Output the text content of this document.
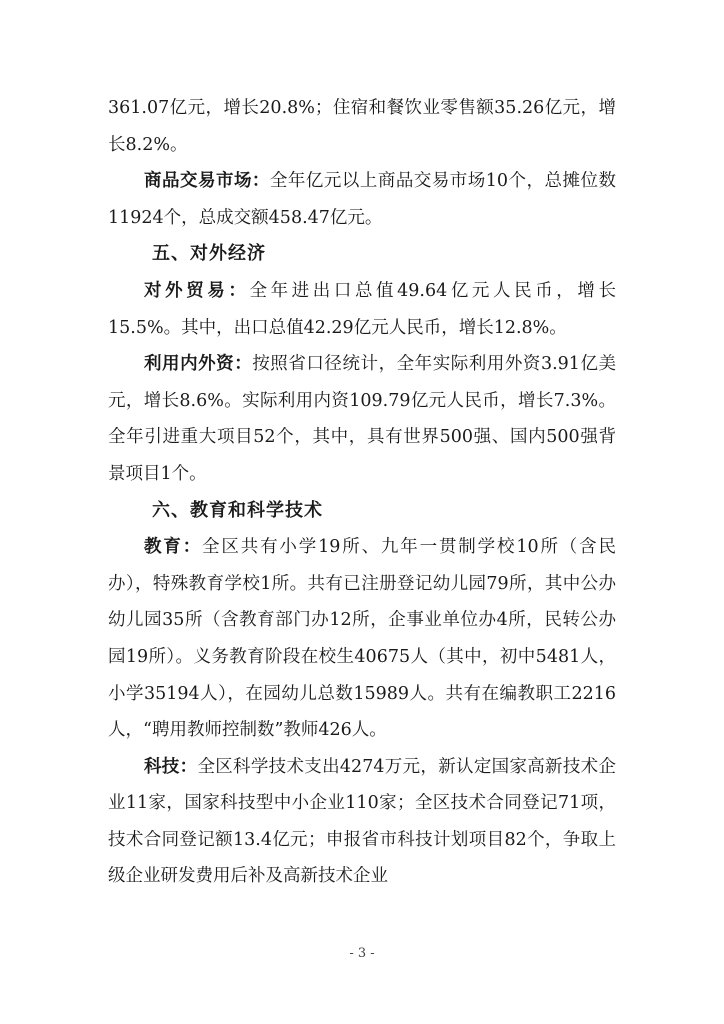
361.07亿元，增长20.8%；住宿和餐饮业零售额35.26亿元，增长8.2%。

商品交易市场：全年亿元以上商品交易市场10个，总摊位数11924个，总成交额458.47亿元。

五、对外经济

对外贸易：全年进出口总值49.64亿元人民币，增长15.5%。其中，出口总值42.29亿元人民币，增长12.8%。

利用内外资：按照省口径统计，全年实际利用外资3.91亿美元，增长8.6%。实际利用内资109.79亿元人民币，增长7.3%。全年引进重大项目52个，其中，具有世界500强、国内500强背景项目1个。

六、教育和科学技术

教育：全区共有小学19所、九年一贯制学校10所（含民办），特殊教育学校1所。共有已注册登记幼儿园79所，其中公办幼儿园35所（含教育部门办12所，企事业单位办4所，民转公办园19所）。义务教育阶段在校生40675人（其中，初中5481人，小学35194人），在园幼儿总数15989人。共有在编教职工2216人，“聘用教师控制数”教师426人。

科技：全区科学技术支出4274万元，新认定国家高新技术企业11家，国家科技型中小企业110家；全区技术合同登记71项，技术合同登记额13.4亿元；申报省市科技计划项目82个，争取上级企业研发费用后补及高新技术企业

- 3 -
